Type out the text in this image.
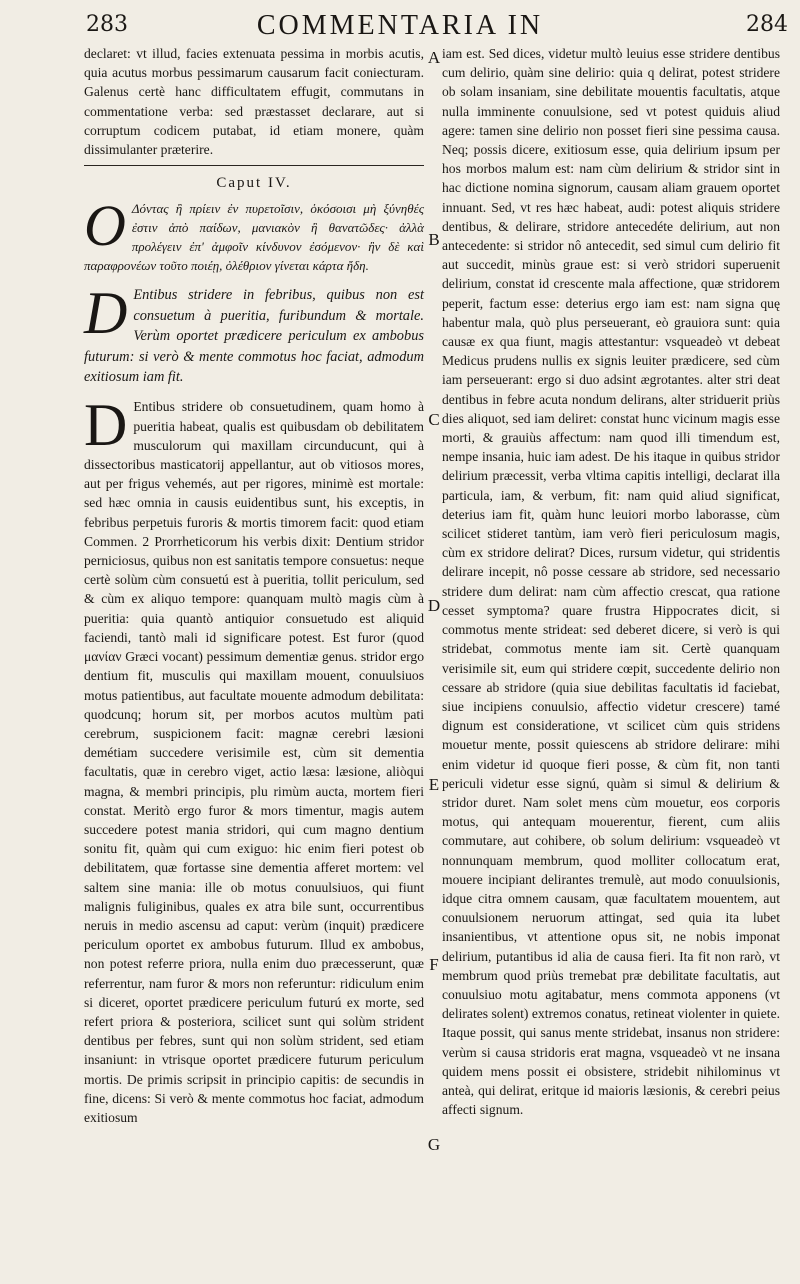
283	COMMENTARIA IN	284

declaret: vt illud, facies extenuata pessima in morbis acutis, quia acutus morbus pessimarum causarum facit coniecturam. Galenus certè hanc difficultatem effugit, commutans in commentatione verba: sed præstasset declarare, aut si corruptum codicem putabat, id etiam monere, quàm dissimulanter præterire.

Caput IV.

O Δόντας ἢ πρίειν ἐν πυρετοῖσιν, ὁκόσοισι μὴ ξύνηθές ἐστιν ἀπὸ παίδων, μανιακὸν ἢ θανατῶδες· ἀλλὰ προλέγειν ἐπ' ἀμφοῖν κίνδυνον ἐσόμενον· ἢν δὲ καὶ παραφρονέων τοῦτο ποιέῃ, ὀλέθριον γίνεται κάρτα ἤδη.

D Entibus stridere in febribus, quibus non est consuetum à pueritia, furibundum & mortale. Verùm oportet prædicere periculum ex ambobus futurum: si verò & mente commotus hoc faciat, admodum exitiosum iam fit.

D Entibus stridere ob consuetudinem, quam homo à pueritia habeat, qualis est quibusdam ob debilitatem musculorum qui maxillam circunducunt, qui à dissectoribus masticatorij appellantur, aut ob vitiosos mores, aut per frigus vehemés, aut per rigores, minimè est mortale: sed hæc omnia in causis euidentibus sunt, his exceptis, in febribus perpetuis furoris & mortis timorem facit: quod etiam Commen. 2 Prorrheticorum his verbis dixit: Dentium stridor perniciosus, quibus non est sanitatis tempore consuetus: neque certè solùm cùm consuetú est à pueritia, tollit periculum, sed & cùm ex aliquo tempore: quanquam multò magis cùm à pueritia: quia quantò antiquior consuetudo est aliquid faciendi, tantò mali id significare potest. Est furor (quod μανίαν Græci vocant) pessimum dementiæ genus. stridor ergo dentium fit, musculis qui maxillam mouent, conuulsiuos motus patientibus, aut facultate mouente admodum debilitata: quodcunq; horum sit, per morbos acutos multùm pati cerebrum, suspicionem facit: magnæ cerebri læsioni demétiam succedere verisimile est, cùm sit dementia facultatis, quæ in cerebro viget, actio læsa: læsione, aliòqui magna, & membri principis, plu rimùm aucta, mortem fieri constat. Meritò ergo furor & mors timentur, magis autem succedere potest mania stridori, qui cum magno dentium sonitu fit, quàm qui cum exiguo: hic enim fieri potest ob debilitatem, quæ fortasse sine dementia afferet mortem: vel saltem sine mania: ille ob motus conuulsiuos, qui fiunt malignis fuliginibus, quales ex atra bile sunt, occurrentibus neruis in medio ascensu ad caput: verùm (inquit) prædicere periculum oportet ex ambobus futurum. Illud ex ambobus, non potest referre priora, nulla enim duo præcesserunt, quæ referrentur, nam furor & mors non referuntur: ridiculum enim si diceret, oportet prædicere periculum futurú ex morte, sed refert priora & posteriora, scilicet sunt qui solùm strident dentibus per febres, sunt qui non solùm strident, sed etiam insaniunt: in vtrisque oportet prædicere futurum periculum mortis. De primis scripsit in principio capitis: de secundis in fine, dicens: Si verò & mente commotus hoc faciat, admodum exitiosum

A
B
C
D
E
F
G

iam est. Sed dices, videtur multò leuius esse stridere dentibus cum delirio, quàm sine delirio: quia q delirat, potest stridere ob solam insaniam, sine debilitate mouentis facultatis, atque nulla imminente conuulsione, sed vt potest quiduis aliud agere: tamen sine delirio non posset fieri sine pessima causa. Neq; possis dicere, exitiosum esse, quia delirium ipsum per hos morbos malum est: nam cùm delirium & stridor sint in hac dictione nomina signorum, causam aliam grauem oportet innuant. Sed, vt res hæc habeat, audi: potest aliquis stridere dentibus, & delirare, stridore antecedéte delirium, aut non antecedente: si stridor nô antecedit, sed simul cum delirio fit aut succedit, minùs graue est: si verò stridori superuenit delirium, constat id crescente mala affectione, quæ stridorem peperit, factum esse: deterius ergo iam est: nam signa quę habentur mala, quò plus perseuerant, eò grauiora sunt: quia causæ ex qua fiunt, magis attestantur: vsqueadeò vt debeat Medicus prudens nullis ex signis leuiter prædicere, sed cùm iam perseuerant: ergo si duo adsint ægrotantes. alter stri deat dentibus in febre acuta nondum delirans, alter striduerit priùs dies aliquot, sed iam deliret: constat hunc vicinum magis esse morti, & grauiùs affectum: nam quod illi timendum est, nempe insania, huic iam adest. De his itaque in quibus stridor delirium præcessit, verba vltima capitis intelligi, declarat illa particula, iam, & verbum, fit: nam quid aliud significat, deterius iam fit, quàm hunc leuiori morbo laborasse, cùm scilicet stideret tantùm, iam verò fieri periculosum magis, cùm ex stridore delirat? Dices, rursum videtur, qui stridentis delirare incepit, nô posse cessare ab stridore, sed necessario stridere dum delirat: nam cùm affectio crescat, qua ratione cesset symptoma? quare frustra Hippocrates dicit, si commotus mente strideat: sed deberet dicere, si verò is qui stridebat, commotus mente iam sit. Certè quanquam verisimile sit, eum qui stridere cœpit, succedente delirio non cessare ab stridore (quia siue debilitas facultatis id faciebat, siue incipiens conuulsio, affectio videtur crescere) tamé dignum est consideratione, vt scilicet cùm quis stridens mouetur mente, possit quiescens ab stridore delirare: mihi enim videtur id quoque fieri posse, & cùm fit, non tanti periculi videtur esse signú, quàm si simul & delirium & stridor duret. Nam solet mens cùm mouetur, eos corporis motus, qui antequam mouerentur, fierent, cum aliis commutare, aut cohibere, ob solum delirium: vsqueadeò vt nonnunquam membrum, quod molliter collocatum erat, mouere incipiant delirantes tremulè, aut modo conuulsionis, idque citra omnem causam, quæ facultatem mouentem, aut conuulsionem neruorum attingat, sed quia ita lubet insanientibus, vt attentione opus sit, ne nobis imponat delirium, putantibus id alia de causa fieri. Ita fit non rarò, vt membrum quod priùs tremebat præ debilitate facultatis, aut conuulsiuo motu agitabatur, mens commota apponens (vt delirates solent) extremos conatus, retineat violenter in quiete. Itaque possit, qui sanus mente stridebat, insanus non stridere: verùm si causa stridoris erat magna, vsqueadeò vt ne insana quidem mens possit ei obsistere, stridebit nihilominus vt anteà, qui delirat, eritque id maioris læsionis, & cerebri peius affecti signum.
